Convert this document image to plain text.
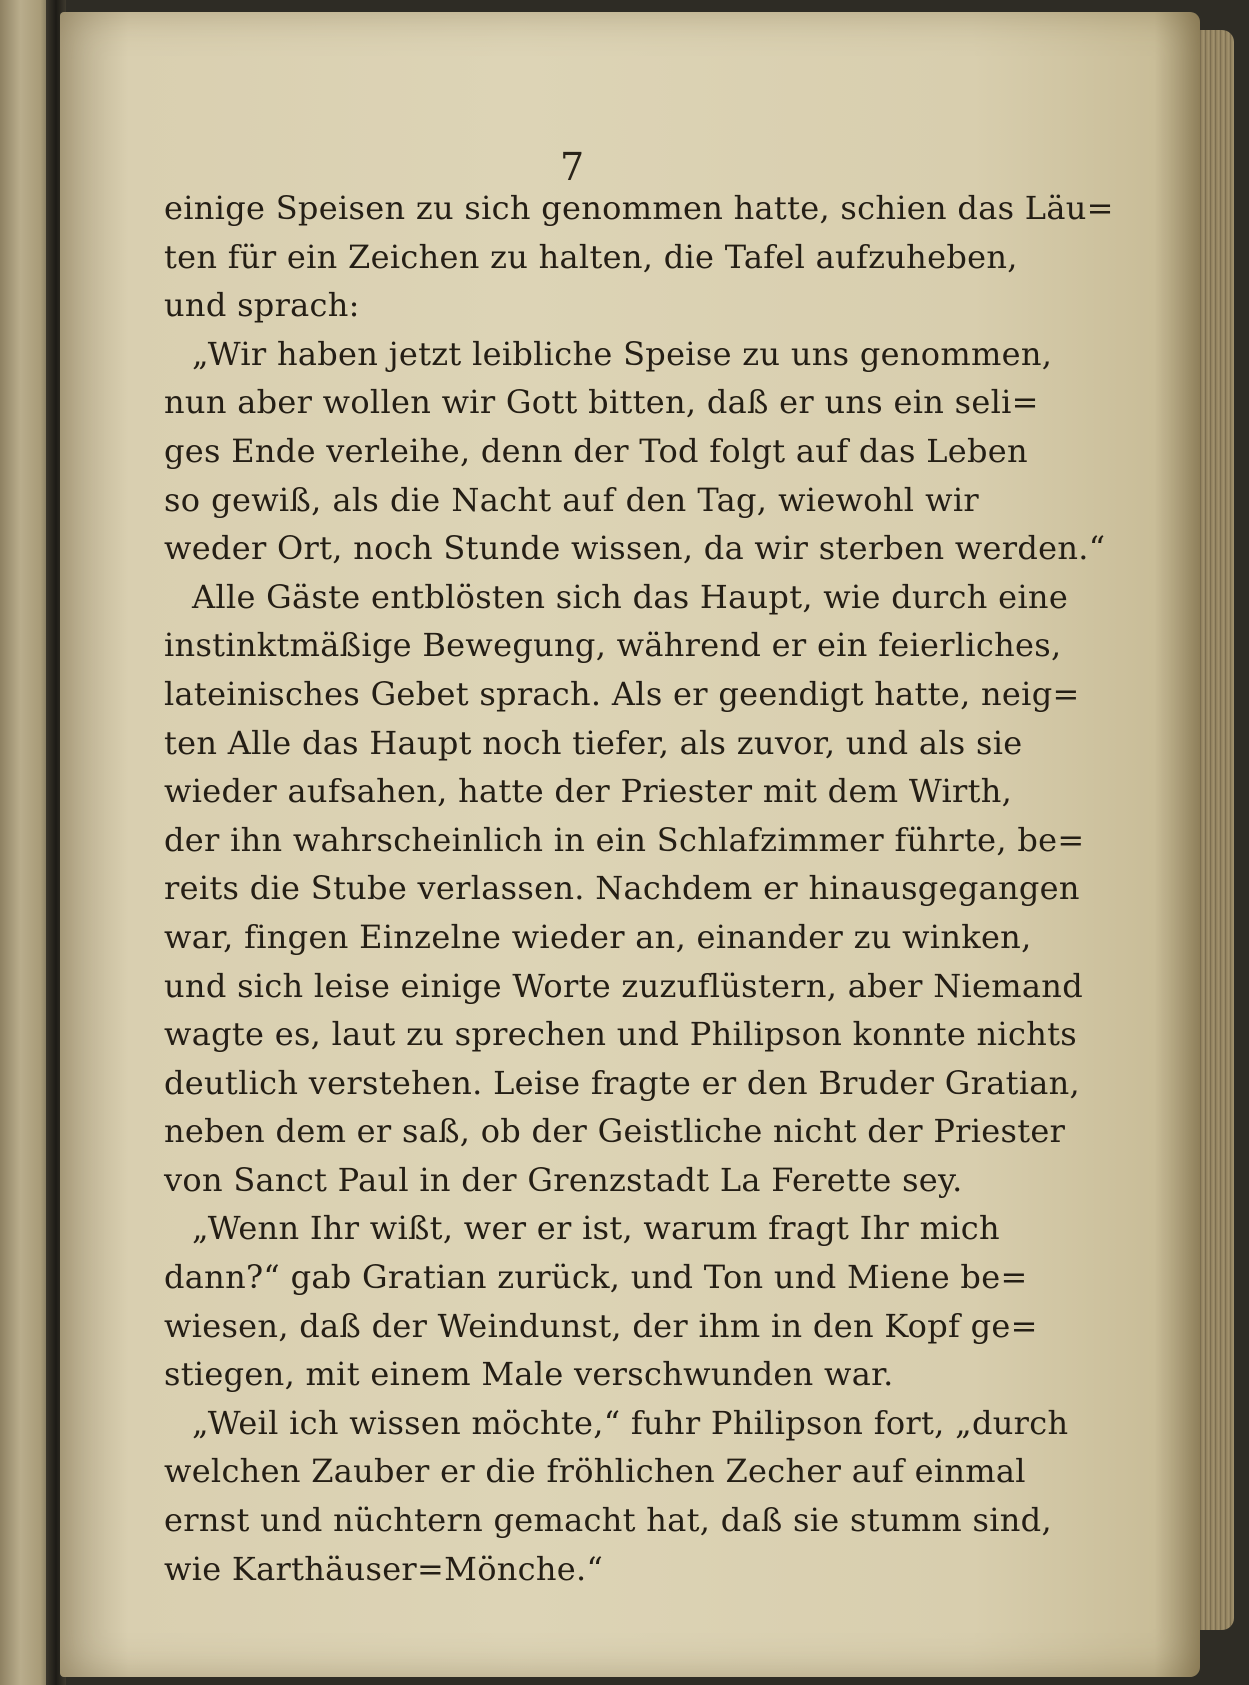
7
einige Speisen zu sich genommen hatte, schien das Läu=
ten für ein Zeichen zu halten, die Tafel aufzuheben,
und sprach:
„Wir haben jetzt leibliche Speise zu uns genommen,
nun aber wollen wir Gott bitten, daß er uns ein seli=
ges Ende verleihe, denn der Tod folgt auf das Leben
so gewiß, als die Nacht auf den Tag, wiewohl wir
weder Ort, noch Stunde wissen, da wir sterben werden.“
Alle Gäste entblösten sich das Haupt, wie durch eine
instinktmäßige Bewegung, während er ein feierliches,
lateinisches Gebet sprach. Als er geendigt hatte, neig=
ten Alle das Haupt noch tiefer, als zuvor, und als sie
wieder aufsahen, hatte der Priester mit dem Wirth,
der ihn wahrscheinlich in ein Schlafzimmer führte, be=
reits die Stube verlassen. Nachdem er hinausgegangen
war, fingen Einzelne wieder an, einander zu winken,
und sich leise einige Worte zuzuflüstern, aber Niemand
wagte es, laut zu sprechen und Philipson konnte nichts
deutlich verstehen. Leise fragte er den Bruder Gratian,
neben dem er saß, ob der Geistliche nicht der Priester
von Sanct Paul in der Grenzstadt La Ferette sey.
„Wenn Ihr wißt, wer er ist, warum fragt Ihr mich
dann?“ gab Gratian zurück, und Ton und Miene be=
wiesen, daß der Weindunst, der ihm in den Kopf ge=
stiegen, mit einem Male verschwunden war.
„Weil ich wissen möchte,“ fuhr Philipson fort, „durch
welchen Zauber er die fröhlichen Zecher auf einmal
ernst und nüchtern gemacht hat, daß sie stumm sind,
wie Karthäuser=Mönche.“
